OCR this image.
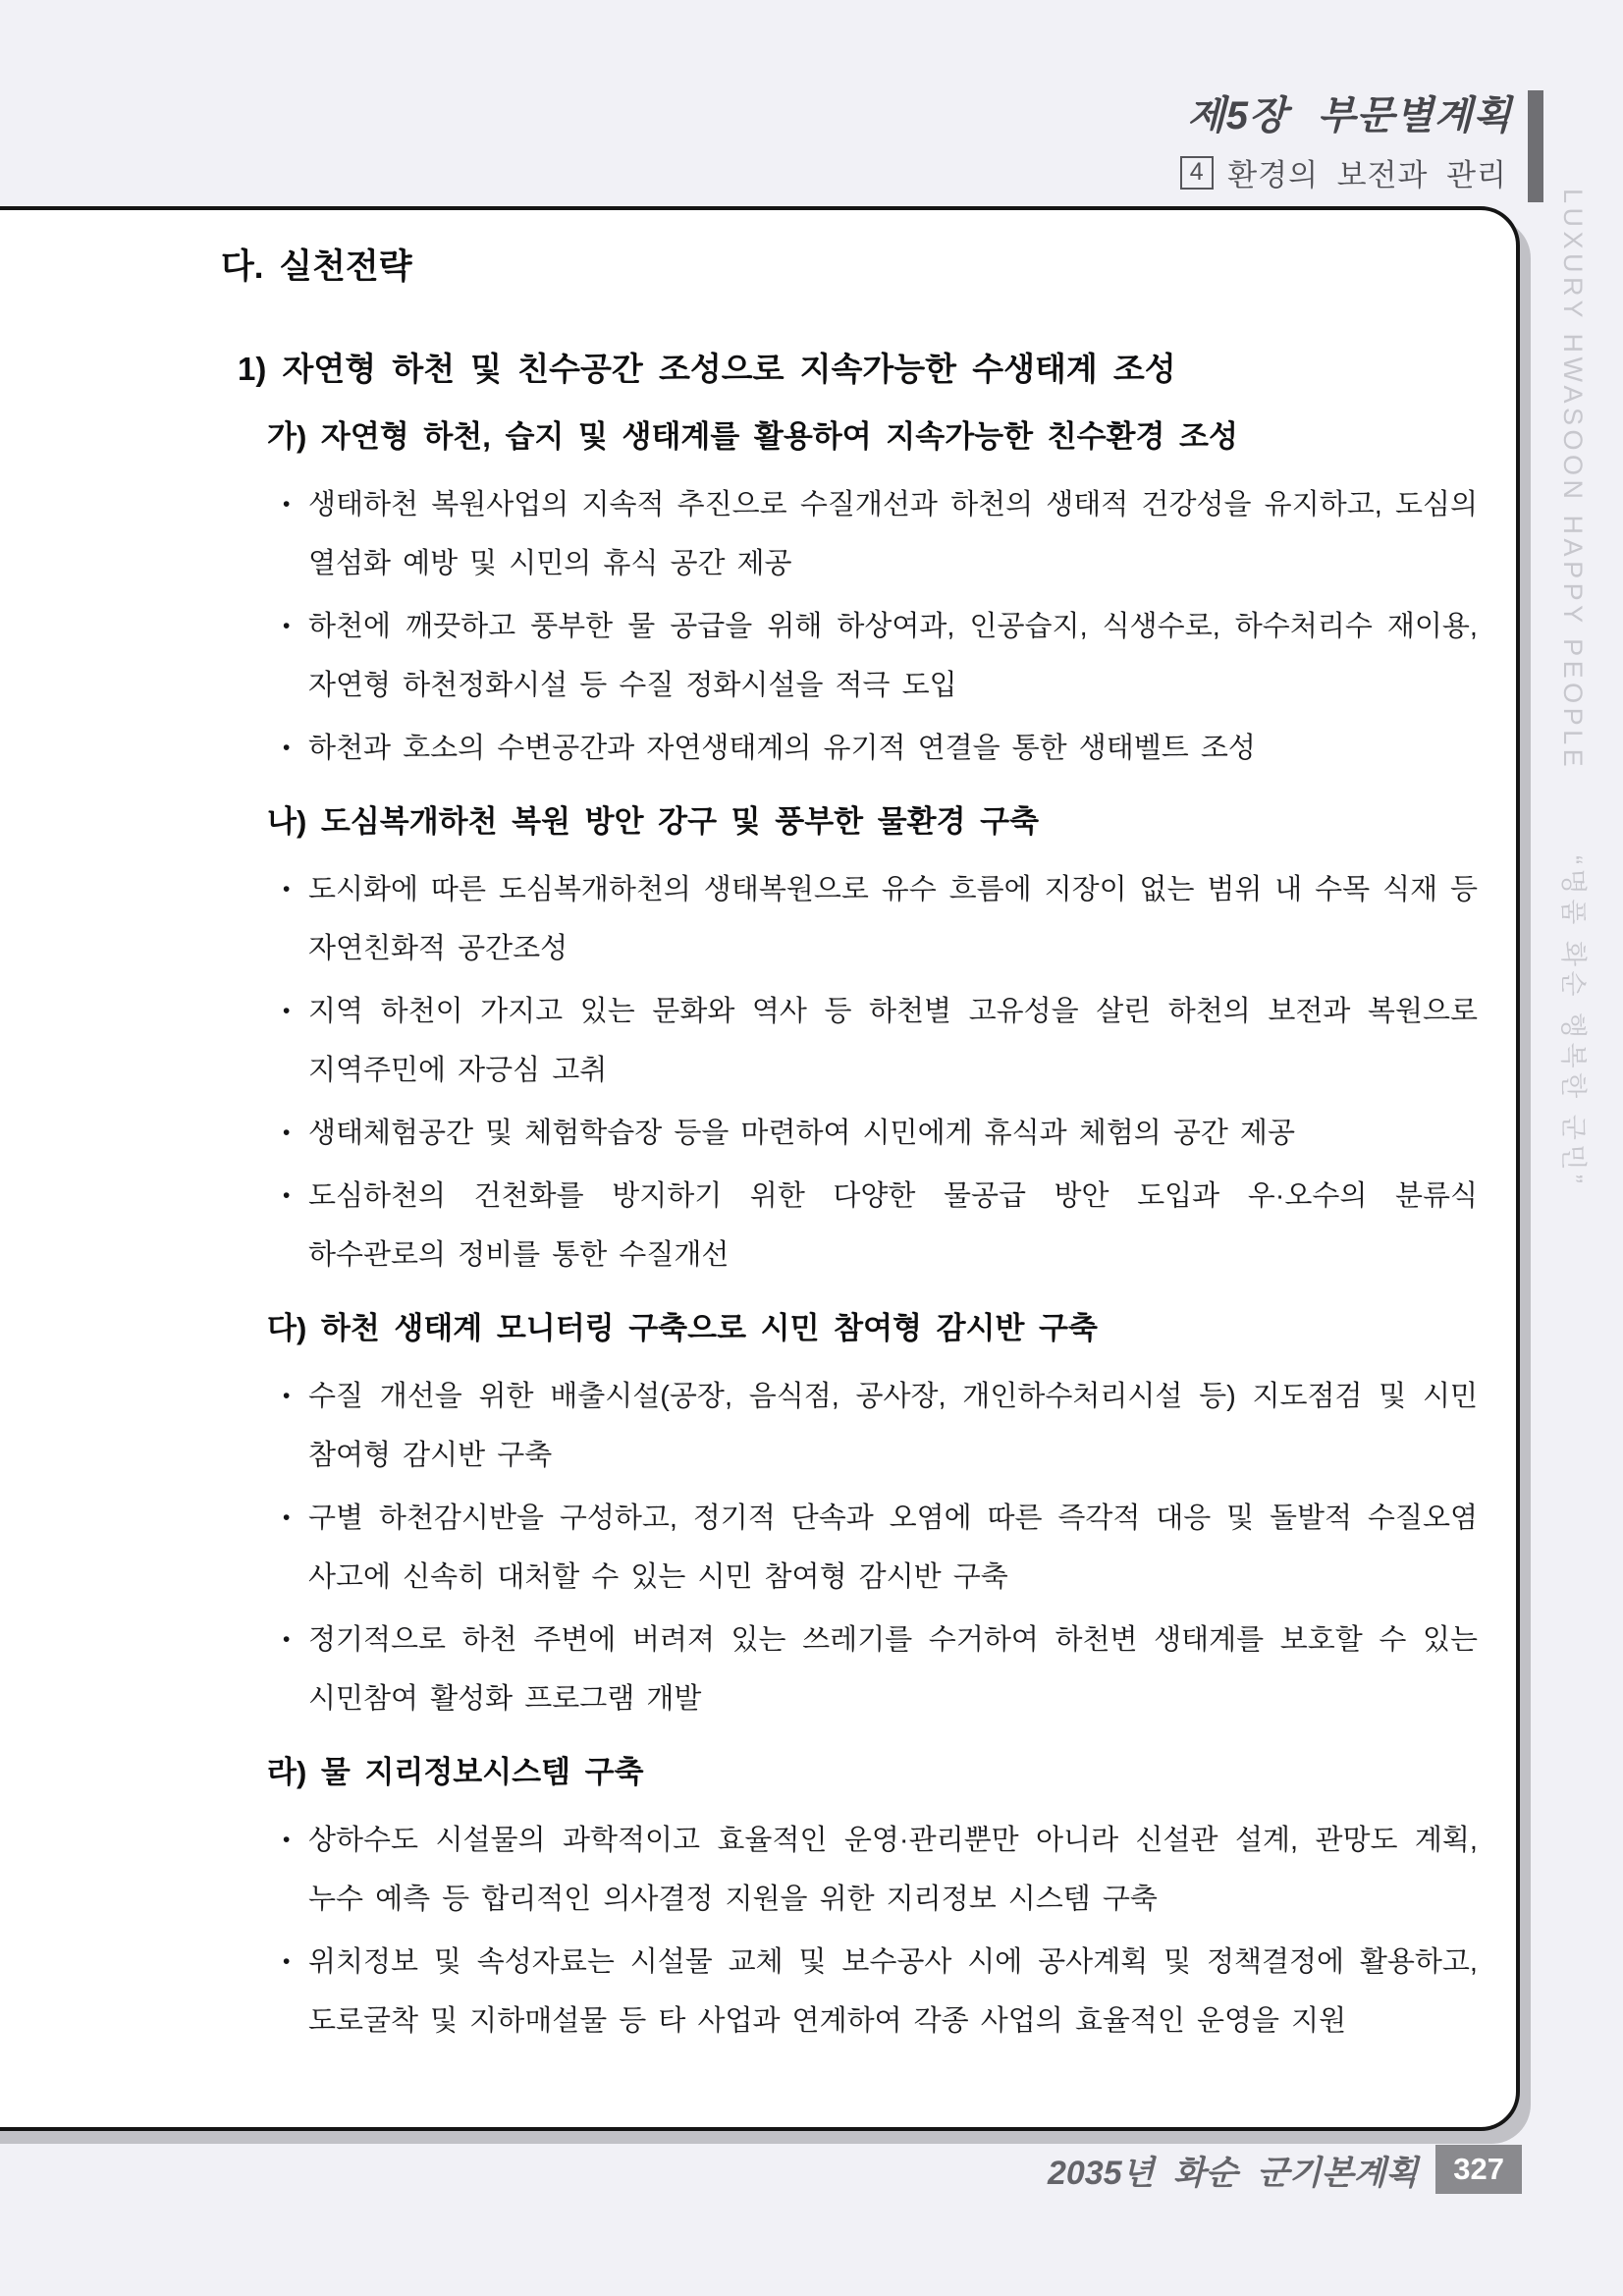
제5장 부문별계획
4 환경의 보전과 관리
LUXURY HWASOON HAPPY PEOPLE “명품 화순 행복한 군민”
다. 실천전략
1) 자연형 하천 및 친수공간 조성으로 지속가능한 수생태계 조성
가) 자연형 하천, 습지 및 생태계를 활용하여 지속가능한 친수환경 조성
• 생태하천 복원사업의 지속적 추진으로 수질개선과 하천의 생태적 건강성을 유지하고, 도심의 열섬화 예방 및 시민의 휴식 공간 제공
• 하천에 깨끗하고 풍부한 물 공급을 위해 하상여과, 인공습지, 식생수로, 하수처리수 재이용, 자연형 하천정화시설 등 수질 정화시설을 적극 도입
• 하천과 호소의 수변공간과 자연생태계의 유기적 연결을 통한 생태벨트 조성
나) 도심복개하천 복원 방안 강구 및 풍부한 물환경 구축
• 도시화에 따른 도심복개하천의 생태복원으로 유수 흐름에 지장이 없는 범위 내 수목 식재 등 자연친화적 공간조성
• 지역 하천이 가지고 있는 문화와 역사 등 하천별 고유성을 살린 하천의 보전과 복원으로 지역주민에 자긍심 고취
• 생태체험공간 및 체험학습장 등을 마련하여 시민에게 휴식과 체험의 공간 제공
• 도심하천의 건천화를 방지하기 위한 다양한 물공급 방안 도입과 우·오수의 분류식 하수관로의 정비를 통한 수질개선
다) 하천 생태계 모니터링 구축으로 시민 참여형 감시반 구축
• 수질 개선을 위한 배출시설(공장, 음식점, 공사장, 개인하수처리시설 등) 지도점검 및 시민 참여형 감시반 구축
• 구별 하천감시반을 구성하고, 정기적 단속과 오염에 따른 즉각적 대응 및 돌발적 수질오염 사고에 신속히 대처할 수 있는 시민 참여형 감시반 구축
• 정기적으로 하천 주변에 버려져 있는 쓰레기를 수거하여 하천변 생태계를 보호할 수 있는 시민참여 활성화 프로그램 개발
라) 물 지리정보시스템 구축
• 상하수도 시설물의 과학적이고 효율적인 운영·관리뿐만 아니라 신설관 설계, 관망도 계획, 누수 예측 등 합리적인 의사결정 지원을 위한 지리정보 시스템 구축
• 위치정보 및 속성자료는 시설물 교체 및 보수공사 시에 공사계획 및 정책결정에 활용하고, 도로굴착 및 지하매설물 등 타 사업과 연계하여 각종 사업의 효율적인 운영을 지원
2035년 화순 군기본계획	327
